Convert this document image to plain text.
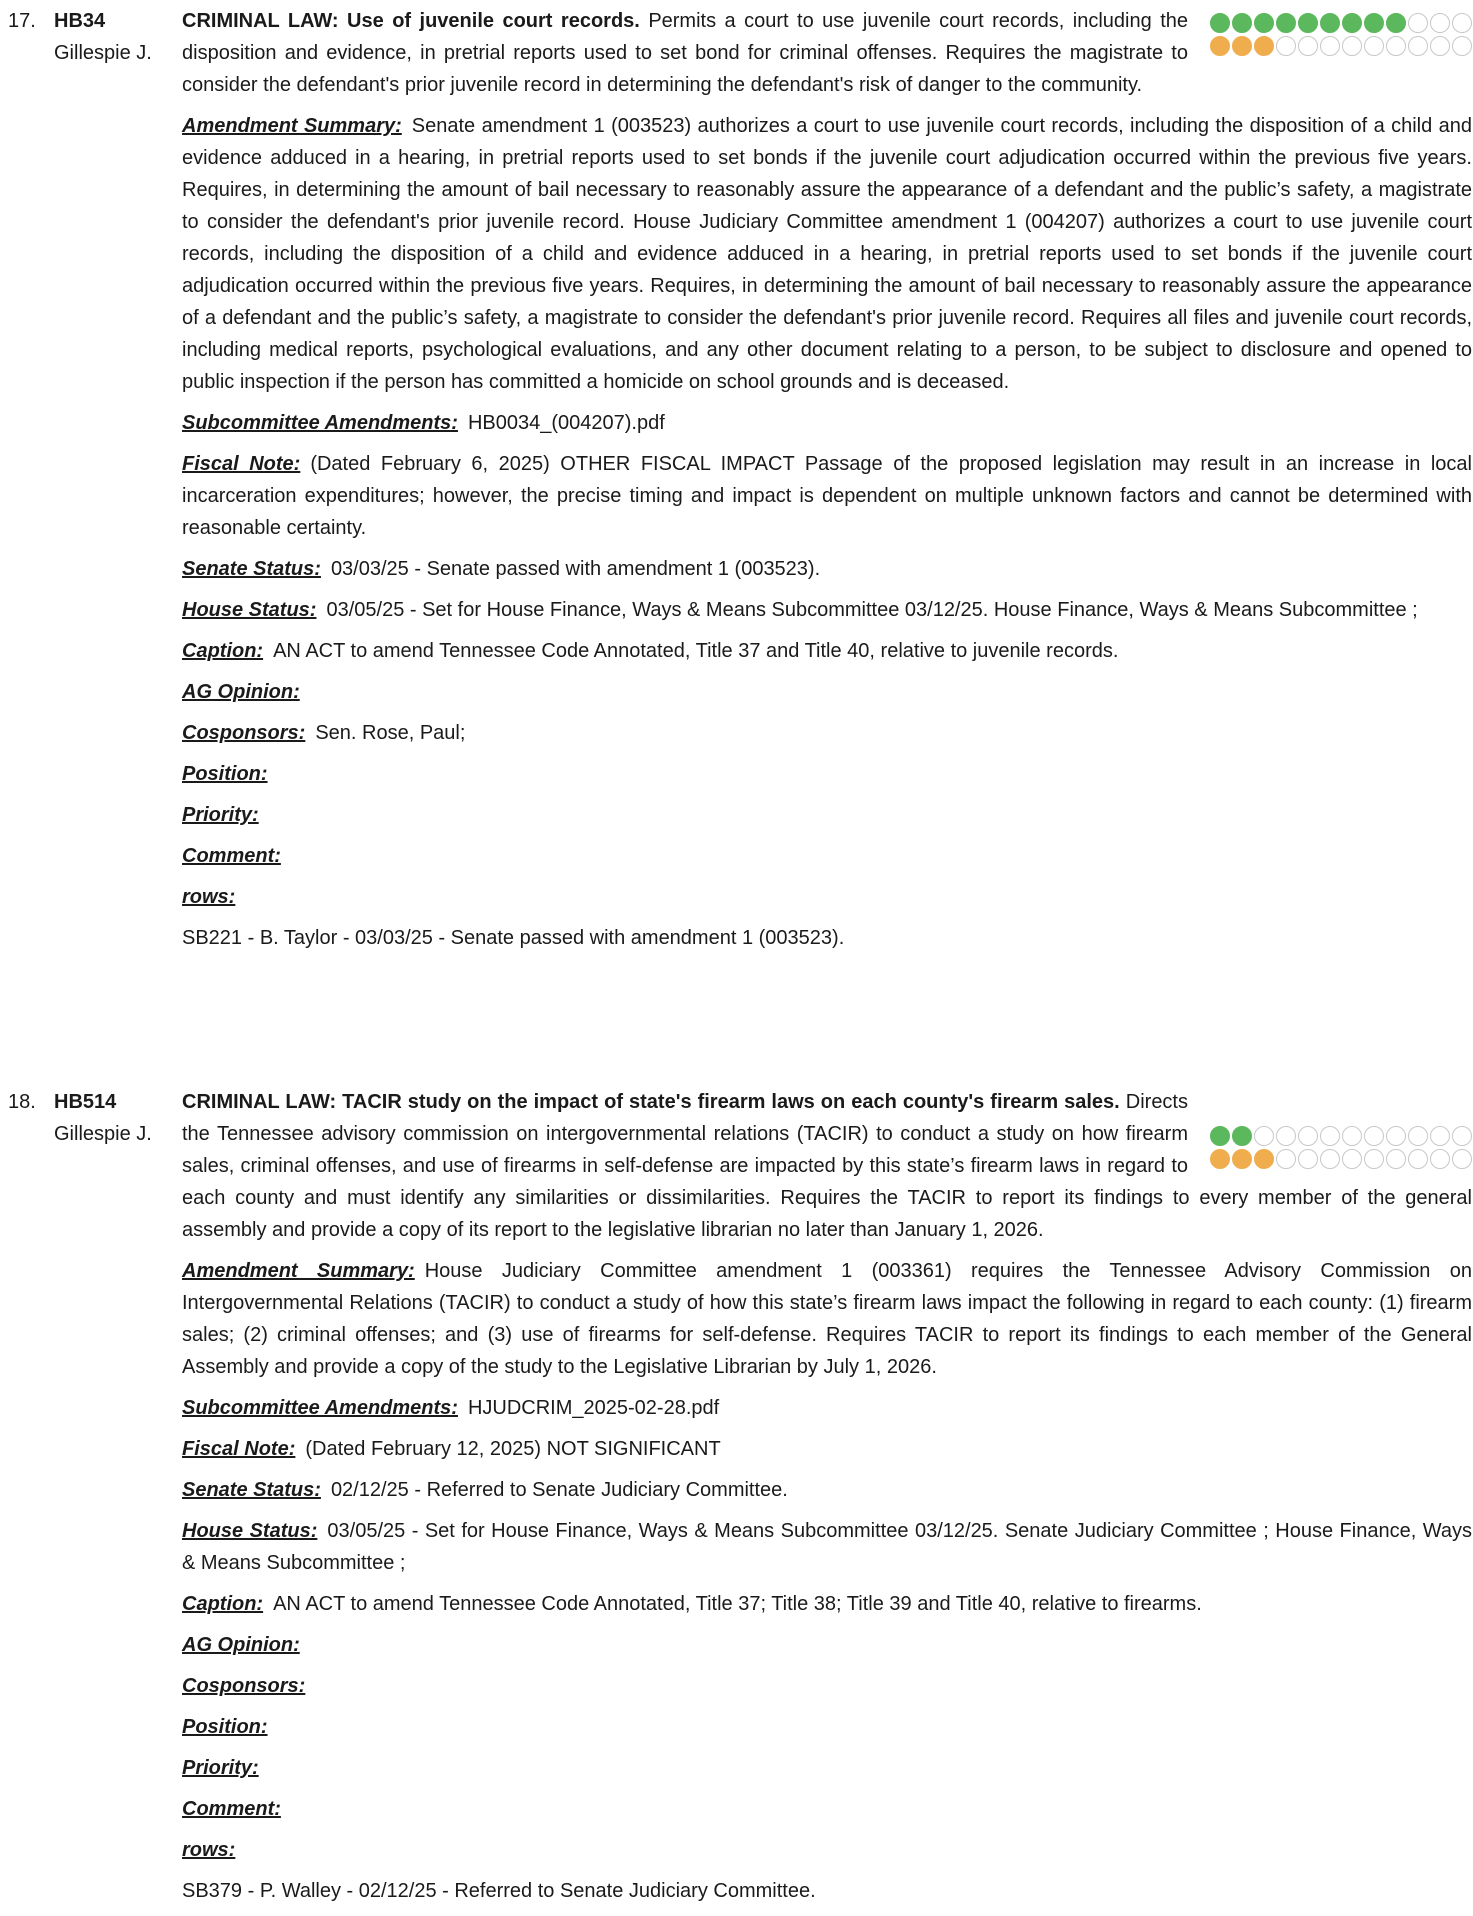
17. HB34
Gillespie J.

CRIMINAL LAW: Use of juvenile court records. Permits a court to use juvenile court records, including the disposition and evidence, in pretrial reports used to set bond for criminal offenses. Requires the magistrate to consider the defendant's prior juvenile record in determining the defendant's risk of danger to the community.

Amendment Summary: Senate amendment 1 (003523) authorizes a court to use juvenile court records, including the disposition of a child and evidence adduced in a hearing, in pretrial reports used to set bonds if the juvenile court adjudication occurred within the previous five years. Requires, in determining the amount of bail necessary to reasonably assure the appearance of a defendant and the public’s safety, a magistrate to consider the defendant's prior juvenile record. House Judiciary Committee amendment 1 (004207) authorizes a court to use juvenile court records, including the disposition of a child and evidence adduced in a hearing, in pretrial reports used to set bonds if the juvenile court adjudication occurred within the previous five years. Requires, in determining the amount of bail necessary to reasonably assure the appearance of a defendant and the public’s safety, a magistrate to consider the defendant's prior juvenile record. Requires all files and juvenile court records, including medical reports, psychological evaluations, and any other document relating to a person, to be subject to disclosure and opened to public inspection if the person has committed a homicide on school grounds and is deceased.

Subcommittee Amendments: HB0034_(004207).pdf

Fiscal Note: (Dated February 6, 2025) OTHER FISCAL IMPACT Passage of the proposed legislation may result in an increase in local incarceration expenditures; however, the precise timing and impact is dependent on multiple unknown factors and cannot be determined with reasonable certainty.

Senate Status: 03/03/25 - Senate passed with amendment 1 (003523).

House Status: 03/05/25 - Set for House Finance, Ways & Means Subcommittee 03/12/25. House Finance, Ways & Means Subcommittee ;

Caption: AN ACT to amend Tennessee Code Annotated, Title 37 and Title 40, relative to juvenile records.

AG Opinion:

Cosponsors: Sen. Rose, Paul;

Position:

Priority:

Comment:

rows:

SB221 - B. Taylor - 03/03/25 - Senate passed with amendment 1 (003523).

18. HB514
Gillespie J.

CRIMINAL LAW: TACIR study on the impact of state's firearm laws on each county's firearm sales. Directs the Tennessee advisory commission on intergovernmental relations (TACIR) to conduct a study on how firearm sales, criminal offenses, and use of firearms in self-defense are impacted by this state’s firearm laws in regard to each county and must identify any similarities or dissimilarities. Requires the TACIR to report its findings to every member of the general assembly and provide a copy of its report to the legislative librarian no later than January 1, 2026.

Amendment Summary: House Judiciary Committee amendment 1 (003361) requires the Tennessee Advisory Commission on Intergovernmental Relations (TACIR) to conduct a study of how this state’s firearm laws impact the following in regard to each county: (1) firearm sales; (2) criminal offenses; and (3) use of firearms for self-defense. Requires TACIR to report its findings to each member of the General Assembly and provide a copy of the study to the Legislative Librarian by July 1, 2026.

Subcommittee Amendments: HJUDCRIM_2025-02-28.pdf

Fiscal Note: (Dated February 12, 2025) NOT SIGNIFICANT

Senate Status: 02/12/25 - Referred to Senate Judiciary Committee.

House Status: 03/05/25 - Set for House Finance, Ways & Means Subcommittee 03/12/25. Senate Judiciary Committee ; House Finance, Ways & Means Subcommittee ;

Caption: AN ACT to amend Tennessee Code Annotated, Title 37; Title 38; Title 39 and Title 40, relative to firearms.

AG Opinion:

Cosponsors:

Position:

Priority:

Comment:

rows:

SB379 - P. Walley - 02/12/25 - Referred to Senate Judiciary Committee.
